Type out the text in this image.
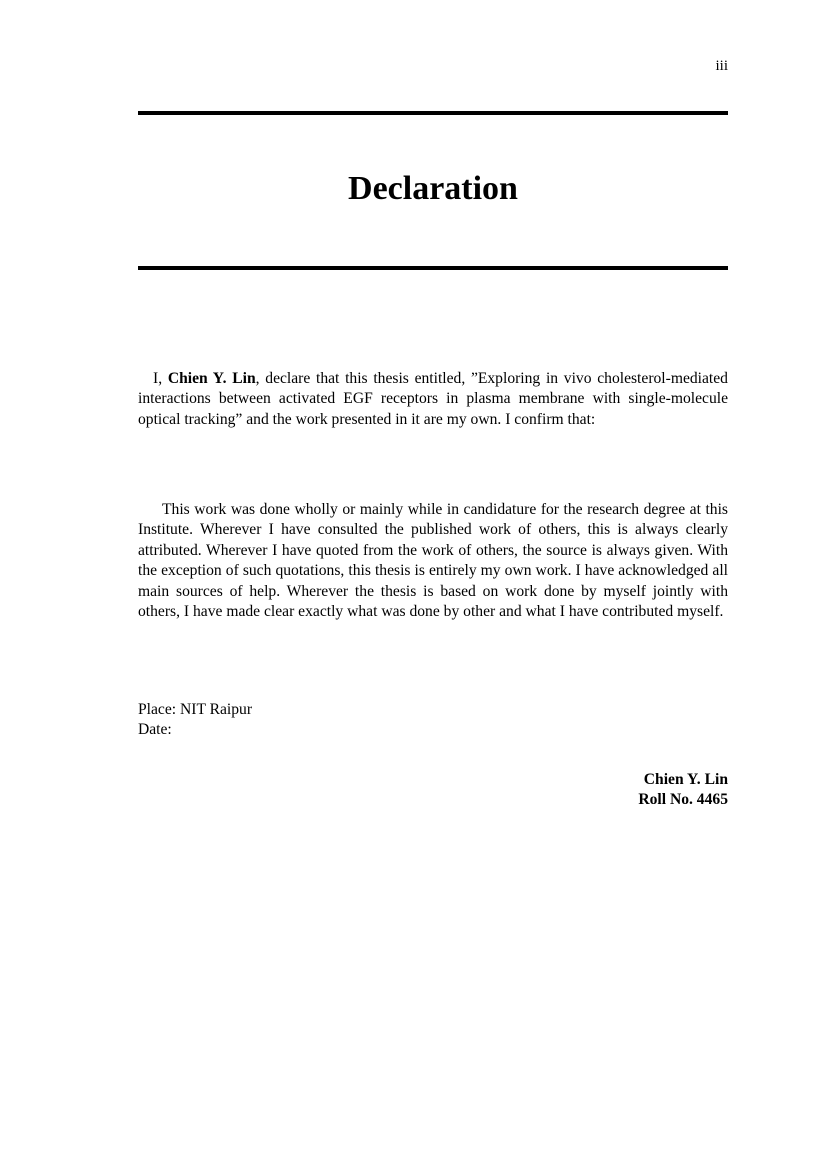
iii
Declaration

I, Chien Y. Lin, declare that this thesis entitled, ”Exploring in vivo cholesterol-mediated interactions between activated EGF receptors in plasma membrane with single-molecule optical tracking” and the work presented in it are my own. I confirm that:

This work was done wholly or mainly while in candidature for the research degree at this Institute. Wherever I have consulted the published work of others, this is always clearly attributed. Wherever I have quoted from the work of others, the source is always given. With the exception of such quotations, this thesis is entirely my own work. I have acknowledged all main sources of help. Wherever the thesis is based on work done by myself jointly with others, I have made clear exactly what was done by other and what I have contributed myself.

Place: NIT Raipur
Date:
Chien Y. Lin
Roll No. 4465
